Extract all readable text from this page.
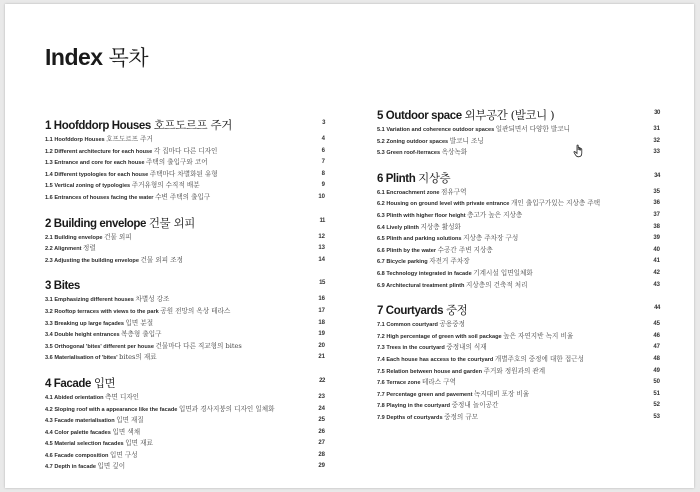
Index 목차
1 Hoofddorp Houses 호프도르프 주거	3
1.1 Hoofddorp Houses 호프도르프 주거	4
1.2 Different architecture for each house 각 집마다 다른 디자인	6
1.3 Entrance and core for each house 주택의 출입구와 코어	7
1.4 Different typologies for each house 주택마다 차별화된 유형	8
1.5 Vertical zoning of typologies 주거유형의 수직적 배분	9
1.6 Entrances of houses facing the water 수변 주택의 출입구	10
2 Building envelope 건물 외피	11
2.1 Building envelope 건물 외피	12
2.2 Alignment 정렬	13
2.3 Adjusting the building envelope 건물 외피 조정	14
3 Bites	15
3.1 Emphasizing different houses 차별성 강조	16
3.2 Rooftop terraces with views to the park 공원 전망의 옥상 테라스	17
3.3 Breaking up large façades 입면 분절	18
3.4 Double height entrances 복층형 출입구	19
3.5 Orthogonal 'bites' different per house 건물마다 다른 직교형의 bites	20
3.6 Materialisation of 'bites' bites의 재료	21
4 Facade 입면	22
4.1 Abided orientation 측면 디자인	23
4.2 Sloping roof with a appearance like the facade 입면과 경사지붕의 디자인 일체화	24
4.3 Facade materialisation 입면 재질	25
4.4 Color palette facades 입면 색채	26
4.5 Material selection facades 입면 재료	27
4.6 Facade composition 입면 구성	28
4.7 Depth in facade 입면 깊이	29
5 Outdoor space 외부공간 (발코니 )	30
5.1 Variation and coherence outdoor spaces 일관되면서 다양한 발코니	31
5.2 Zoning outdoor spaces 발코니 조닝	32
5.3 Green roof-/terraces 옥상녹화	33
6 Plinth 지상층	34
6.1 Encroachment zone 점유구역	35
6.2 Housing on ground level with private entrance 개인 출입구가있는 지상층 주택	36
6.3 Plinth with higher floor height 층고가 높은 지상층	37
6.4 Lively plinth 지상층 활성화	38
6.5 Plinth and parking solutions 지상층 주차장 구성	39
6.6 Plinth by the water 수공간 주변 지상층	40
6.7 Bicycle parking 자전거 주차장	41
6.8 Technology integrated in facade 기계시설 입면일체화	42
6.9 Architectural treatment plinth 지상층의 건축적 처리	43
7 Courtyards 중정	44
7.1 Common courtyard 공용중정	45
7.2 High percentage of green with soil package 높은 자연지반 녹지 비율	46
7.3 Trees in the courtyard 중정내의 식재	47
7.4 Each house has access to the courtyard 개별주호의 중정에 대한 접근성	48
7.5 Relation between house and garden 주거와 정원과의 관계	49
7.6 Terrace zone 테라스 구역	50
7.7 Percentage green and pavement 녹지대비 포장 비율	51
7.8 Playing in the courtyard 중정내 놀이공간	52
7.9 Depths of courtyards 중정의 규모	53
